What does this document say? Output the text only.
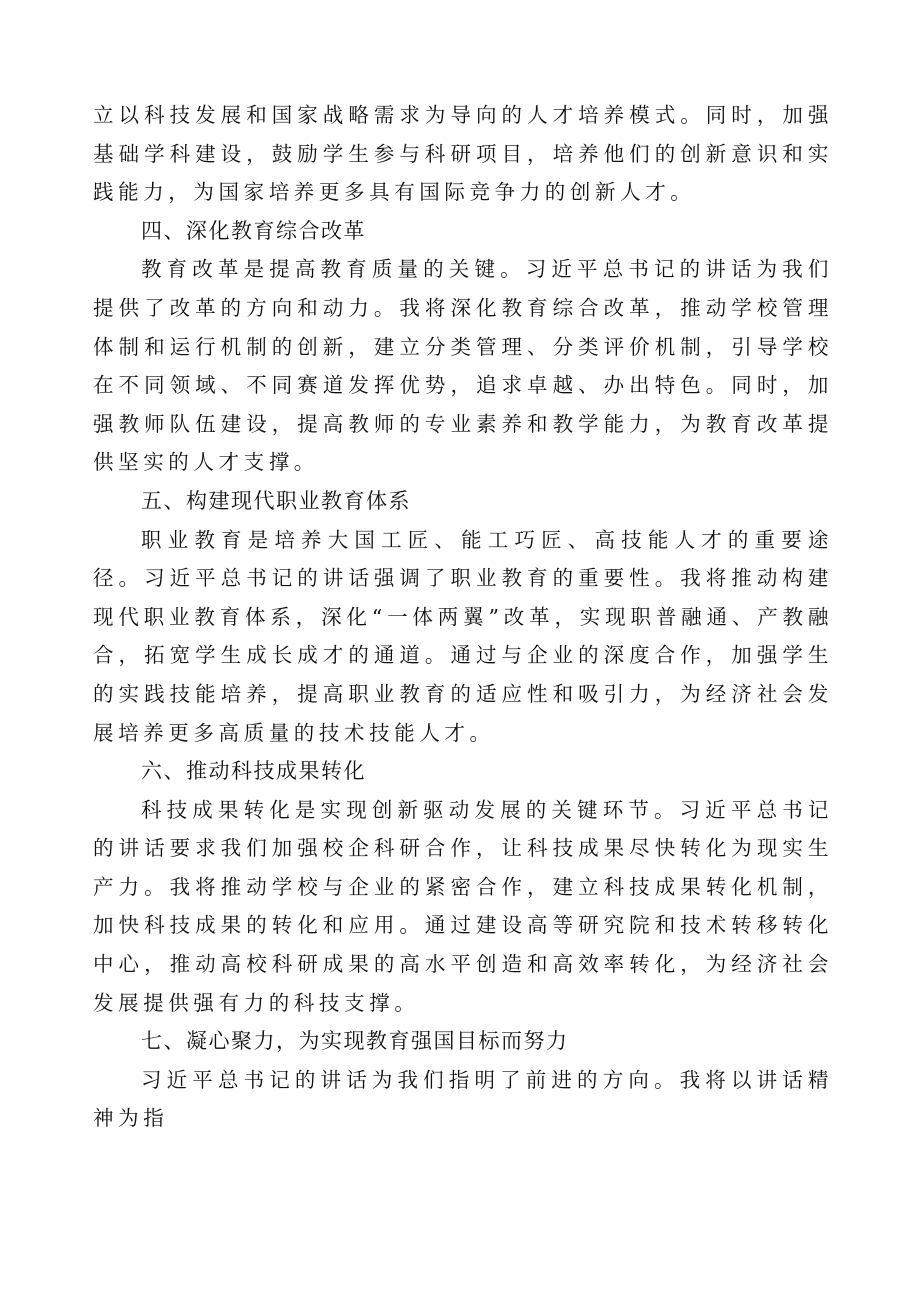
立以科技发展和国家战略需求为导向的人才培养模式。同时，加强基础学科建设，鼓励学生参与科研项目，培养他们的创新意识和实践能力，为国家培养更多具有国际竞争力的创新人才。

四、深化教育综合改革

教育改革是提高教育质量的关键。习近平总书记的讲话为我们提供了改革的方向和动力。我将深化教育综合改革，推动学校管理体制和运行机制的创新，建立分类管理、分类评价机制，引导学校在不同领域、不同赛道发挥优势，追求卓越、办出特色。同时，加强教师队伍建设，提高教师的专业素养和教学能力，为教育改革提供坚实的人才支撑。

五、构建现代职业教育体系

职业教育是培养大国工匠、能工巧匠、高技能人才的重要途径。习近平总书记的讲话强调了职业教育的重要性。我将推动构建现代职业教育体系，深化“一体两翼”改革，实现职普融通、产教融合，拓宽学生成长成才的通道。通过与企业的深度合作，加强学生的实践技能培养，提高职业教育的适应性和吸引力，为经济社会发展培养更多高质量的技术技能人才。

六、推动科技成果转化

科技成果转化是实现创新驱动发展的关键环节。习近平总书记的讲话要求我们加强校企科研合作，让科技成果尽快转化为现实生产力。我将推动学校与企业的紧密合作，建立科技成果转化机制，加快科技成果的转化和应用。通过建设高等研究院和技术转移转化中心，推动高校科研成果的高水平创造和高效率转化，为经济社会发展提供强有力的科技支撑。

七、凝心聚力，为实现教育强国目标而努力

习近平总书记的讲话为我们指明了前进的方向。我将以讲话精神为指
